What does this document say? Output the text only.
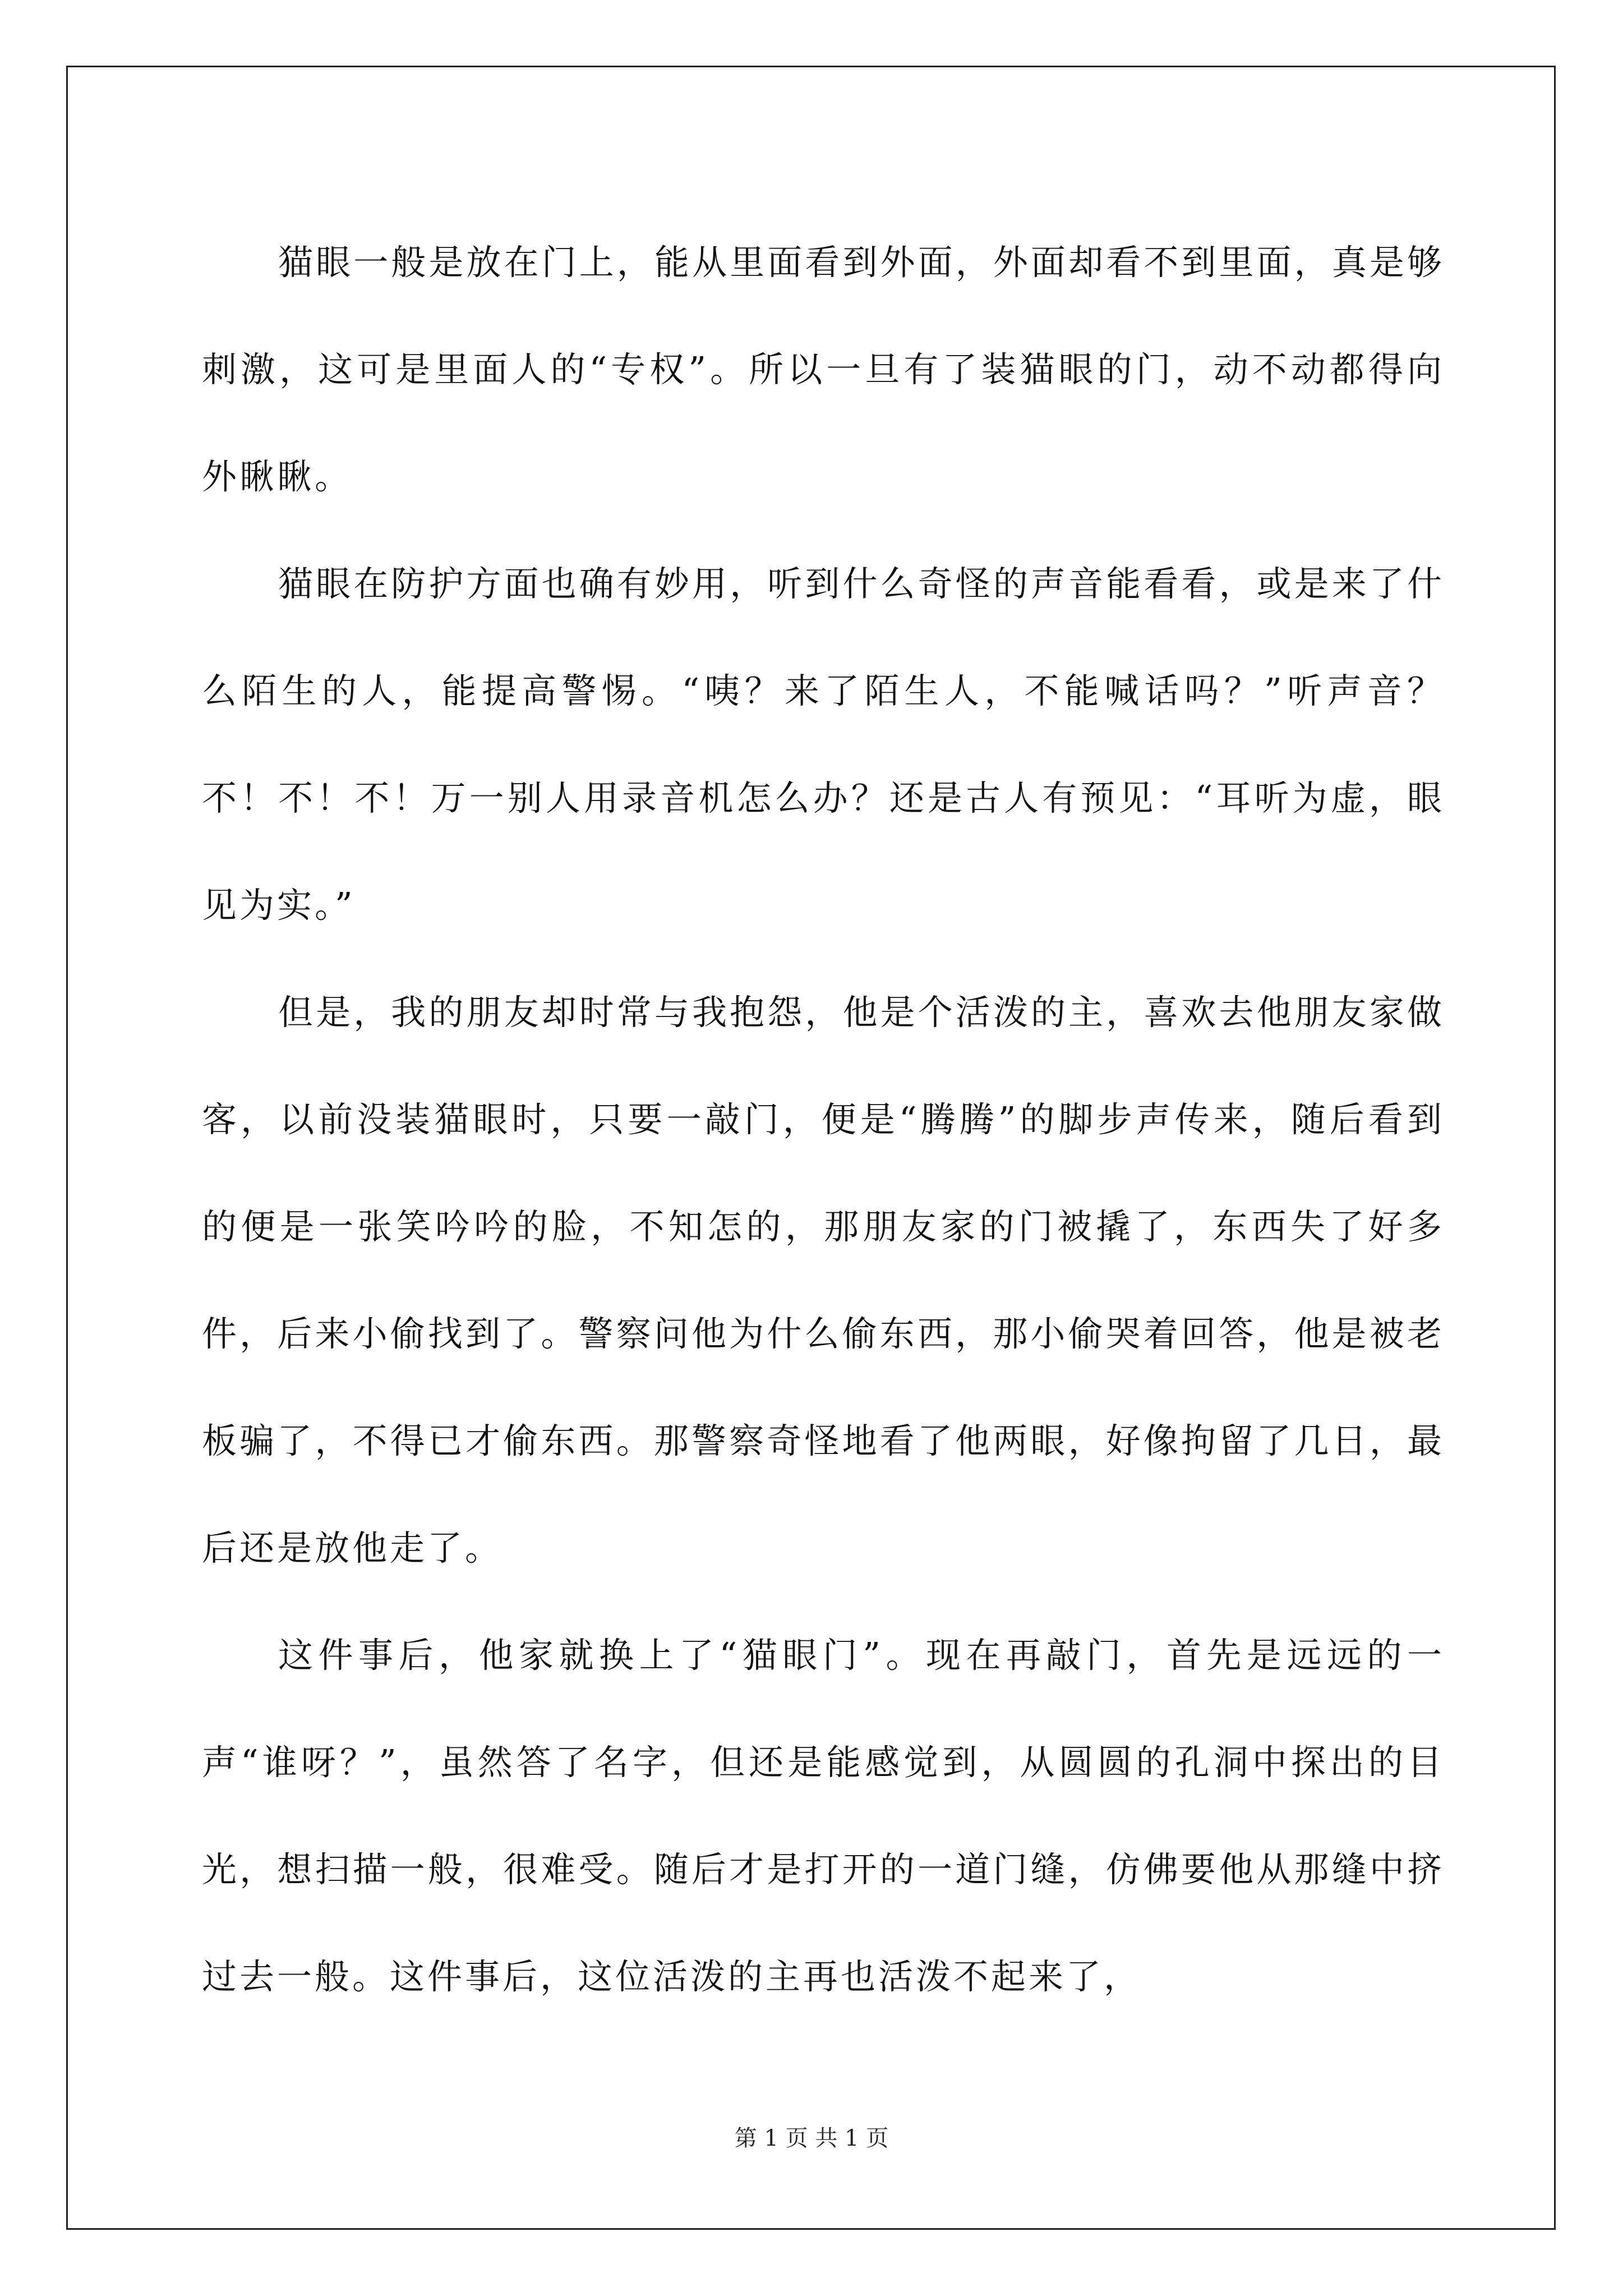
猫眼一般是放在门上，能从里面看到外面，外面却看不到里面，真是够刺激，这可是里面人的“专权”。所以一旦有了装猫眼的门，动不动都得向外瞅瞅。

猫眼在防护方面也确有妙用，听到什么奇怪的声音能看看，或是来了什么陌生的人，能提高警惕。“咦？来了陌生人，不能喊话吗？”听声音？不！不！不！万一别人用录音机怎么办？还是古人有预见：“耳听为虚，眼见为实。”

但是，我的朋友却时常与我抱怨，他是个活泼的主，喜欢去他朋友家做客，以前没装猫眼时，只要一敲门，便是“腾腾”的脚步声传来，随后看到的便是一张笑吟吟的脸，不知怎的，那朋友家的门被撬了，东西失了好多件，后来小偷找到了。警察问他为什么偷东西，那小偷哭着回答，他是被老板骗了，不得已才偷东西。那警察奇怪地看了他两眼，好像拘留了几日，最后还是放他走了。

这件事后，他家就换上了“猫眼门”。现在再敲门，首先是远远的一声“谁呀？”，虽然答了名字，但还是能感觉到，从圆圆的孔洞中探出的目光，想扫描一般，很难受。随后才是打开的一道门缝，仿佛要他从那缝中挤过去一般。这件事后，这位活泼的主再也活泼不起来了，

第 1 页 共 1 页
